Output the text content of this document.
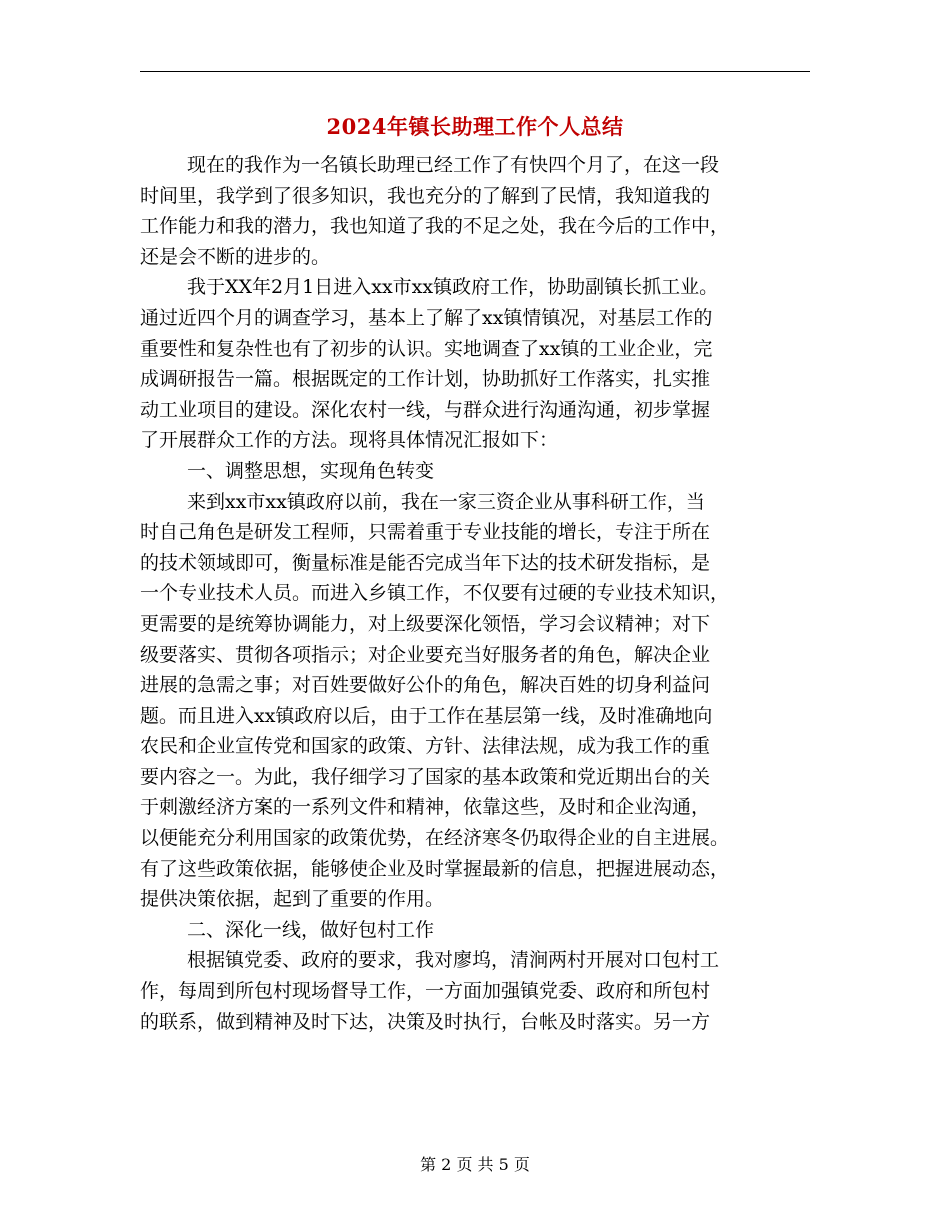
2024年镇长助理工作个人总结
现在的我作为一名镇长助理已经工作了有快四个月了，在这一段
时间里，我学到了很多知识，我也充分的了解到了民情，我知道我的
工作能力和我的潜力，我也知道了我的不足之处，我在今后的工作中，
还是会不断的进步的。
我于XX年2月1日进入xx市xx镇政府工作，协助副镇长抓工业。
通过近四个月的调查学习，基本上了解了xx镇情镇况，对基层工作的
重要性和复杂性也有了初步的认识。实地调查了xx镇的工业企业，完
成调研报告一篇。根据既定的工作计划，协助抓好工作落实，扎实推
动工业项目的建设。深化农村一线，与群众进行沟通沟通，初步掌握
了开展群众工作的方法。现将具体情况汇报如下：
一、调整思想，实现角色转变
来到xx市xx镇政府以前，我在一家三资企业从事科研工作，当
时自己角色是研发工程师，只需着重于专业技能的增长，专注于所在
的技术领域即可，衡量标准是能否完成当年下达的技术研发指标，是
一个专业技术人员。而进入乡镇工作，不仅要有过硬的专业技术知识，
更需要的是统筹协调能力，对上级要深化领悟，学习会议精神；对下
级要落实、贯彻各项指示；对企业要充当好服务者的角色，解决企业
进展的急需之事；对百姓要做好公仆的角色，解决百姓的切身利益问
题。而且进入xx镇政府以后，由于工作在基层第一线，及时准确地向
农民和企业宣传党和国家的政策、方针、法律法规，成为我工作的重
要内容之一。为此，我仔细学习了国家的基本政策和党近期出台的关
于刺激经济方案的一系列文件和精神，依靠这些，及时和企业沟通，
以便能充分利用国家的政策优势，在经济寒冬仍取得企业的自主进展。
有了这些政策依据，能够使企业及时掌握最新的信息，把握进展动态，
提供决策依据，起到了重要的作用。
二、深化一线，做好包村工作
根据镇党委、政府的要求，我对廖坞，清涧两村开展对口包村工
作，每周到所包村现场督导工作，一方面加强镇党委、政府和所包村
的联系，做到精神及时下达，决策及时执行，台帐及时落实。另一方
第 2 页 共 5 页
